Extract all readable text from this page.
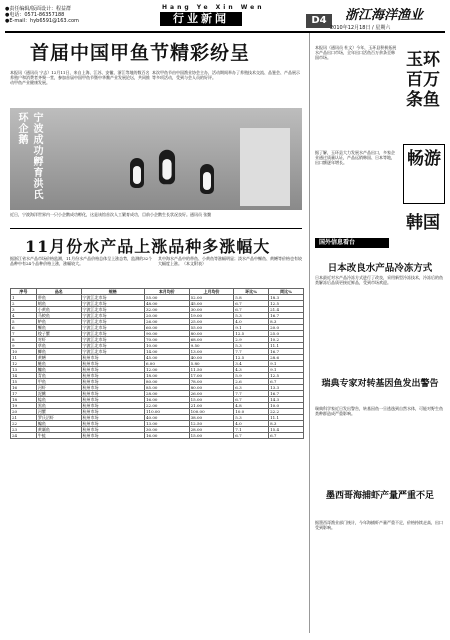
●责任编辑/版面设计：程益群
●电话：0571-86357188
●E-mail：hyb6591@163.com
Hang Ye Xin Wen
行业新闻	D4	浙江海洋渔业
2010年12月18日 / 星期六
首届中国甲鱼节精彩纷呈
本报讯（通讯员 宁志）12月11日，来自上海、江苏、安徽、浙江等地的数百名养殖户和消费者齐聚一堂，参加首届中国甲鱼节暨中华鳖产业发展论坛，共同推动甲鱼产业健康发展。
本次甲鱼节由中国渔业协会主办，活动期间举办了养殖技术交流、品鉴会、产品展示等多项活动，受到与会人员的好评。
宁波成功孵育洪氏环企鹅
近日，宁波海洋世界内一只小企鹅成功孵化，这是该馆首次人工繁育成功，目前小企鹅生长状况良好。通讯员 张勤
11月份水产品上涨品种多涨幅大
据浙江省水产品市场价格监测，11月份水产品价格总体呈上涨态势，监测的32个品种中有24个品种价格上涨，涨幅较大。
其中海水产品中的带鱼、小黄鱼等涨幅明显；淡水产品中鳜鱼、黄鳝等价格也有较大幅度上涨。（本文附表）
序号	品名	规格	本月均价	上月均价	环比%	同比%
1	带鱼	宁波江北市场	55.00	52.00	5.8	18.3
2	鲳鱼	宁波江北市场	48.00	45.00	6.7	12.5
3	小黄鱼	宁波江北市场	32.00	30.00	6.7	21.4
4	马鲛鱼	宁波江北市场	20.00	19.00	5.3	16.7
5	鲈鱼	宁波江北市场	26.00	25.00	4.0	8.3
6	鳜鱼	宁波江北市场	60.00	55.00	9.1	20.0
7	梭子蟹	宁波江北市场	90.00	80.00	12.5	25.0
8	对虾	宁波江北市场	70.00	68.00	2.9	10.2
9	草鱼	宁波江北市场	10.00	9.50	5.3	11.1
10	鲫鱼	宁波江北市场	14.00	13.00	7.7	16.7
11	黄鳝	杭州市场	45.00	40.00	12.5	28.6
12	鲢鱼	杭州市场	6.00	5.80	3.4	9.1
13	鳙鱼	杭州市场	12.00	11.50	4.3	9.1
14	青鱼	杭州市场	18.00	17.00	5.9	12.5
15	甲鱼	杭州市场	80.00	78.00	2.6	6.7
16	河虾	杭州市场	85.00	80.00	6.3	13.3
17	泥鳅	杭州市场	28.00	26.00	7.7	16.7
18	鲶鱼	杭州市场	16.00	15.00	6.7	14.3
19	黑鱼	杭州市场	22.00	21.00	4.8	10.0
20	河蟹	杭州市场	110.00	100.00	10.0	22.2
21	罗氏沼虾	杭州市场	40.00	38.00	5.3	11.1
22	鳊鱼	杭州市场	13.00	12.50	4.0	8.3
23	黄颡鱼	杭州市场	30.00	28.00	7.1	15.4
24	牛蛙	杭州市场	16.00	15.00	6.7	6.7
本报讯（通讯员 杜文）今年，玉环县积极拓展水产品出口市场，全年出口活鱼百万余条至韩国市场。	玉环百万条鱼
畅游
韩国
据了解，玉环县大力发展水产品出口，多家企业通过质量认证，产品远销韩国、日本等地，出口额逐年增长。
国外信息看台
日本改良水产品冷冻方式
日本最近对水产品冷冻方式进行了改良，采用新型冷冻技术，冷冻后的鱼类解冻后品质更接近鲜品，受到市场欢迎。
瑞典专家对转基因鱼发出警告
瑞典科学家近日发出警告，转基因鱼一旦逃逸到自然水体，可能对野生鱼类种群造成严重影响。
墨西哥海捕虾产量严重不足
据墨西哥渔业部门统计，今年海捕虾产量严重不足，价格持续走高，出口受到影响。
